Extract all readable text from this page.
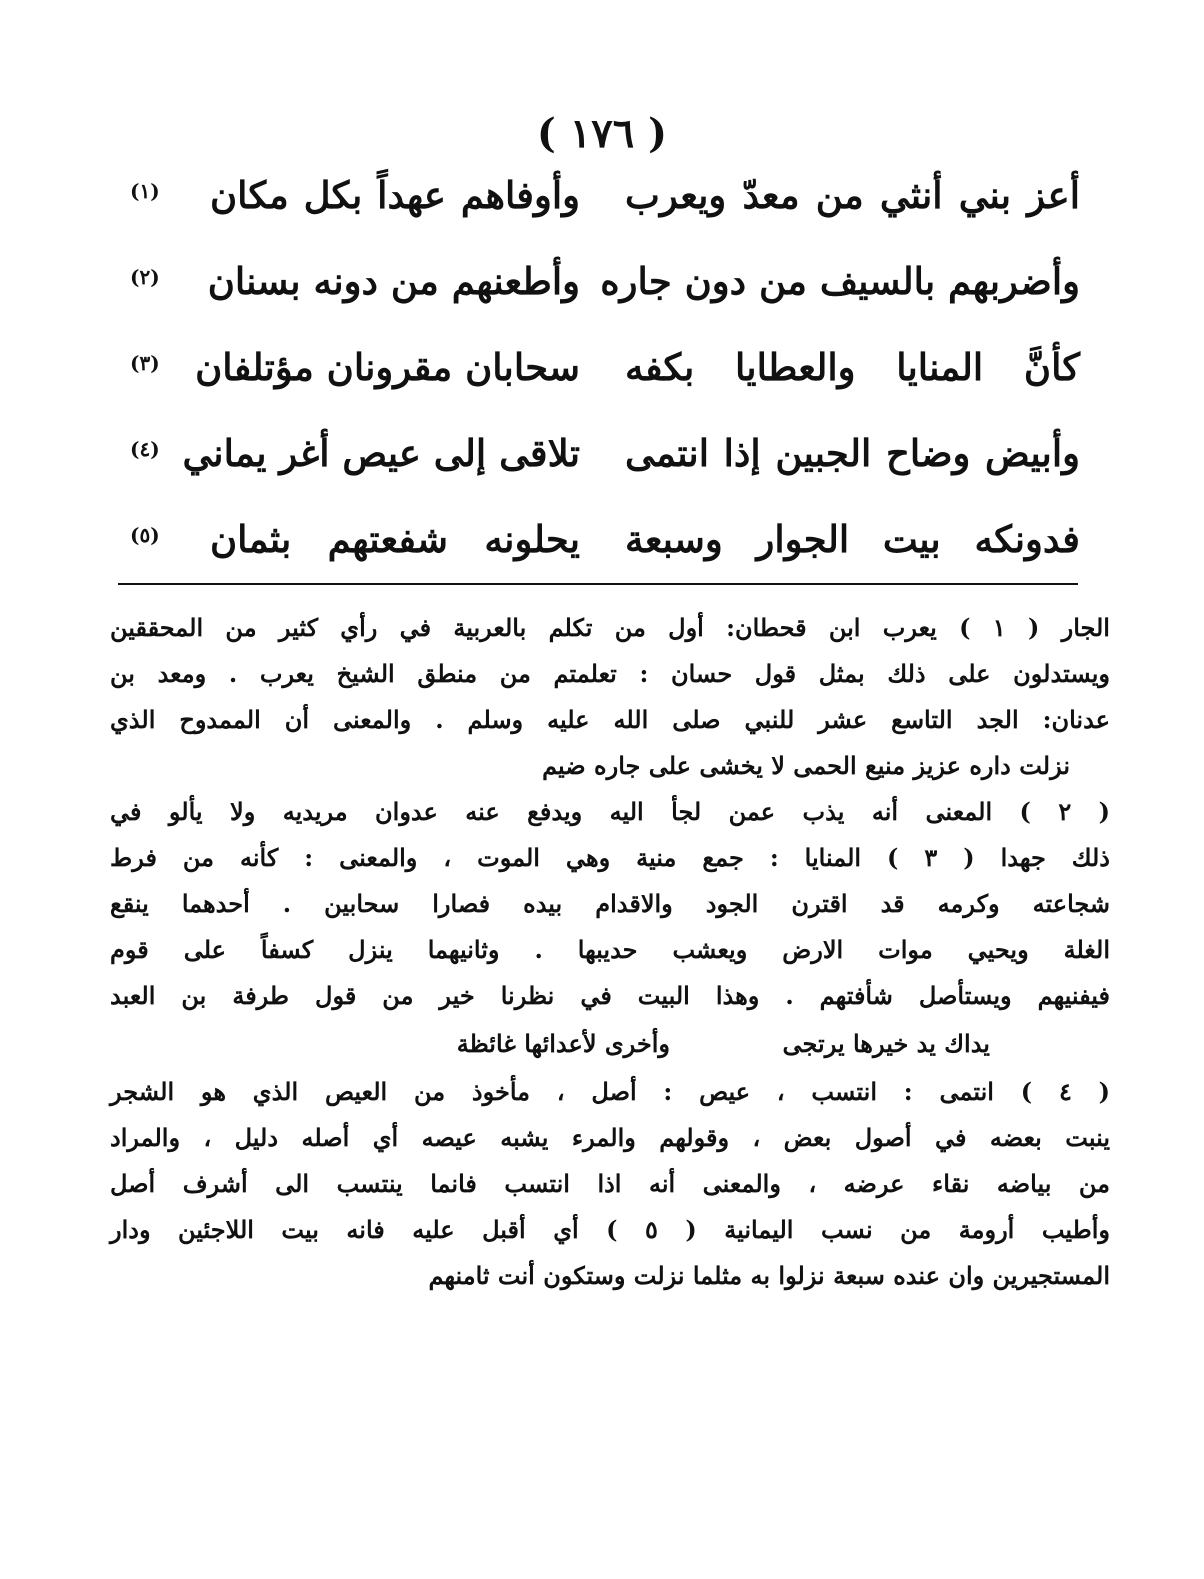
( ١٧٦ )
أعز بني أنثي من معدّ ويعرب
وأوفاهم عهداً بكل مكان
(١)
وأضربهم بالسيف من دون جاره
وأطعنهم من دونه بسنان
(٢)
كأنَّ المنايا والعطايا بكفه
سحابان مقرونان مؤتلفان
(٣)
وأبيض وضاح الجبين إذا انتمى
تلاقى إلى عيص أغر يماني
(٤)
فدونكه بيت الجوار وسبعة
يحلونه شفعتهم بثمان
(٥)
الجار ( ١ ) يعرب ابن قحطان: أول من تكلم بالعربية في رأي كثير من المحققين
ويستدلون على ذلك بمثل قول حسان : تعلمتم من منطق الشيخ يعرب . ومعد بن
عدنان: الجد التاسع عشر للنبي صلى الله عليه وسلم . والمعنى أن الممدوح الذي
نزلت داره عزيز منيع الحمى لا يخشى على جاره ضيم
( ٢ ) المعنى أنه يذب عمن لجأ اليه ويدفع عنه عدوان مريديه ولا يألو في
ذلك جهدا ( ٣ ) المنايا : جمع منية وهي الموت ، والمعنى : كأنه من فرط
شجاعته وكرمه قد اقترن الجود والاقدام بيده فصارا سحابين . أحدهما ينقع
الغلة ويحيي موات الارض ويعشب حديبها . وثانيهما ينزل كسفاً على قوم
فيفنيهم ويستأصل شأفتهم . وهذا البيت في نظرنا خير من قول طرفة بن العبد
يداك يد خيرها يرتجى
وأخرى لأعدائها غائظة
( ٤ ) انتمى : انتسب ، عيص : أصل ، مأخوذ من العيص الذي هو الشجر
ينبت بعضه في أصول بعض ، وقولهم والمرء يشبه عيصه أي أصله دليل ، والمراد
من بياضه نقاء عرضه ، والمعنى أنه اذا انتسب فانما ينتسب الى أشرف أصل
وأطيب أرومة من نسب اليمانية ( ٥ ) أي أقبل عليه فانه بيت اللاجئين ودار
المستجيرين وان عنده سبعة نزلوا به مثلما نزلت وستكون أنت ثامنهم
